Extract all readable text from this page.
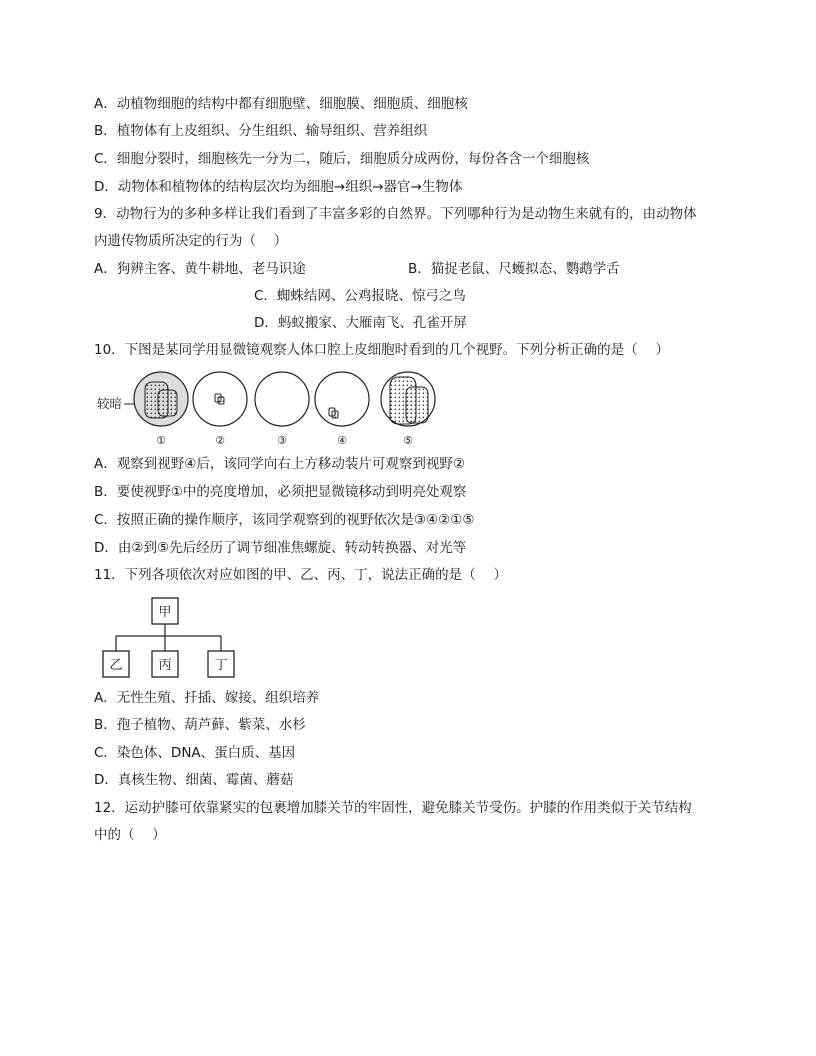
A．动植物细胞的结构中都有细胞壁、细胞膜、细胞质、细胞核
B．植物体有上皮组织、分生组织、输导组织、营养组织
C．细胞分裂时，细胞核先一分为二，随后，细胞质分成两份，每份各含一个细胞核
D．动物体和植物体的结构层次均为细胞→组织→器官→生物体
9．动物行为的多种多样让我们看到了丰富多彩的自然界。下列哪种行为是动物生来就有的，由动物体
内遗传物质所决定的行为（　 ）
A．狗辨主客、黄牛耕地、老马识途	B．猫捉老鼠、尺蠖拟态、鹦鹉学舌
C．蜘蛛结网、公鸡报晓、惊弓之鸟
D．蚂蚁搬家、大雁南飞、孔雀开屏
10．下图是某同学用显微镜观察人体口腔上皮细胞时看到的几个视野。下列分析正确的是（　 ）
较暗
①	②	③	④	⑤
A．观察到视野④后，该同学向右上方移动装片可观察到视野②
B．要使视野①中的亮度增加，必须把显微镜移动到明亮处观察
C．按照正确的操作顺序，该同学观察到的视野依次是③④②①⑤
D．由②到⑤先后经历了调节细准焦螺旋、转动转换器、对光等
11．下列各项依次对应如图的甲、乙、丙、丁，说法正确的是（　 ）
甲
乙	丙	丁
A．无性生殖、扦插、嫁接、组织培养
B．孢子植物、葫芦藓、紫菜、水杉
C．染色体、DNA、蛋白质、基因
D．真核生物、细菌、霉菌、蘑菇
12．运动护膝可依靠紧实的包裹增加膝关节的牢固性，避免膝关节受伤。护膝的作用类似于关节结构
中的（　 ）
